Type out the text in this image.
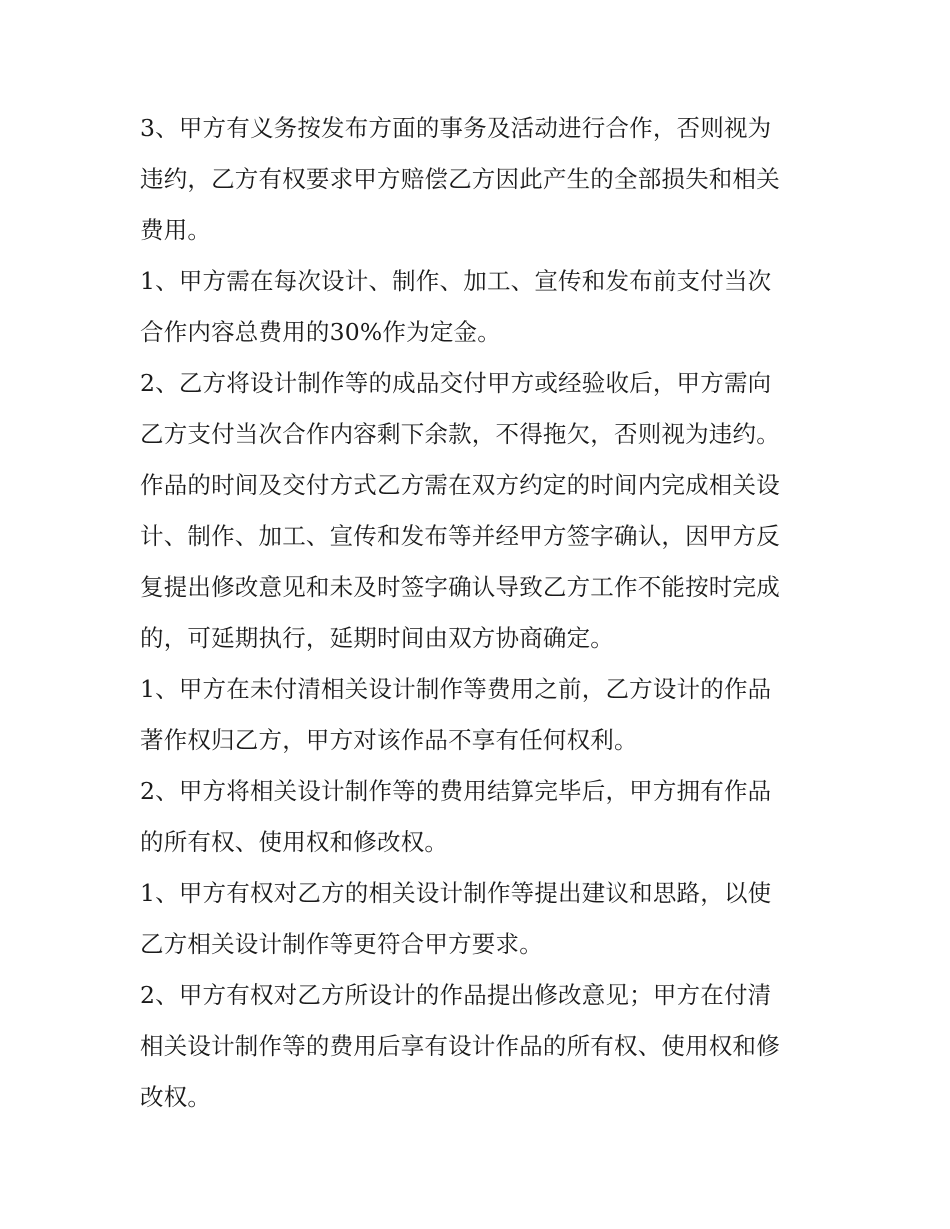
3、甲方有义务按发布方面的事务及活动进行合作，否则视为
违约，乙方有权要求甲方赔偿乙方因此产生的全部损失和相关
费用。

1、甲方需在每次设计、制作、加工、宣传和发布前支付当次
合作内容总费用的30%作为定金。

2、乙方将设计制作等的成品交付甲方或经验收后，甲方需向
乙方支付当次合作内容剩下余款，不得拖欠，否则视为违约。
作品的时间及交付方式乙方需在双方约定的时间内完成相关设
计、制作、加工、宣传和发布等并经甲方签字确认，因甲方反
复提出修改意见和未及时签字确认导致乙方工作不能按时完成
的，可延期执行，延期时间由双方协商确定。

1、甲方在未付清相关设计制作等费用之前，乙方设计的作品
著作权归乙方，甲方对该作品不享有任何权利。

2、甲方将相关设计制作等的费用结算完毕后，甲方拥有作品
的所有权、使用权和修改权。

1、甲方有权对乙方的相关设计制作等提出建议和思路，以使
乙方相关设计制作等更符合甲方要求。

2、甲方有权对乙方所设计的作品提出修改意见；甲方在付清
相关设计制作等的费用后享有设计作品的所有权、使用权和修
改权。
